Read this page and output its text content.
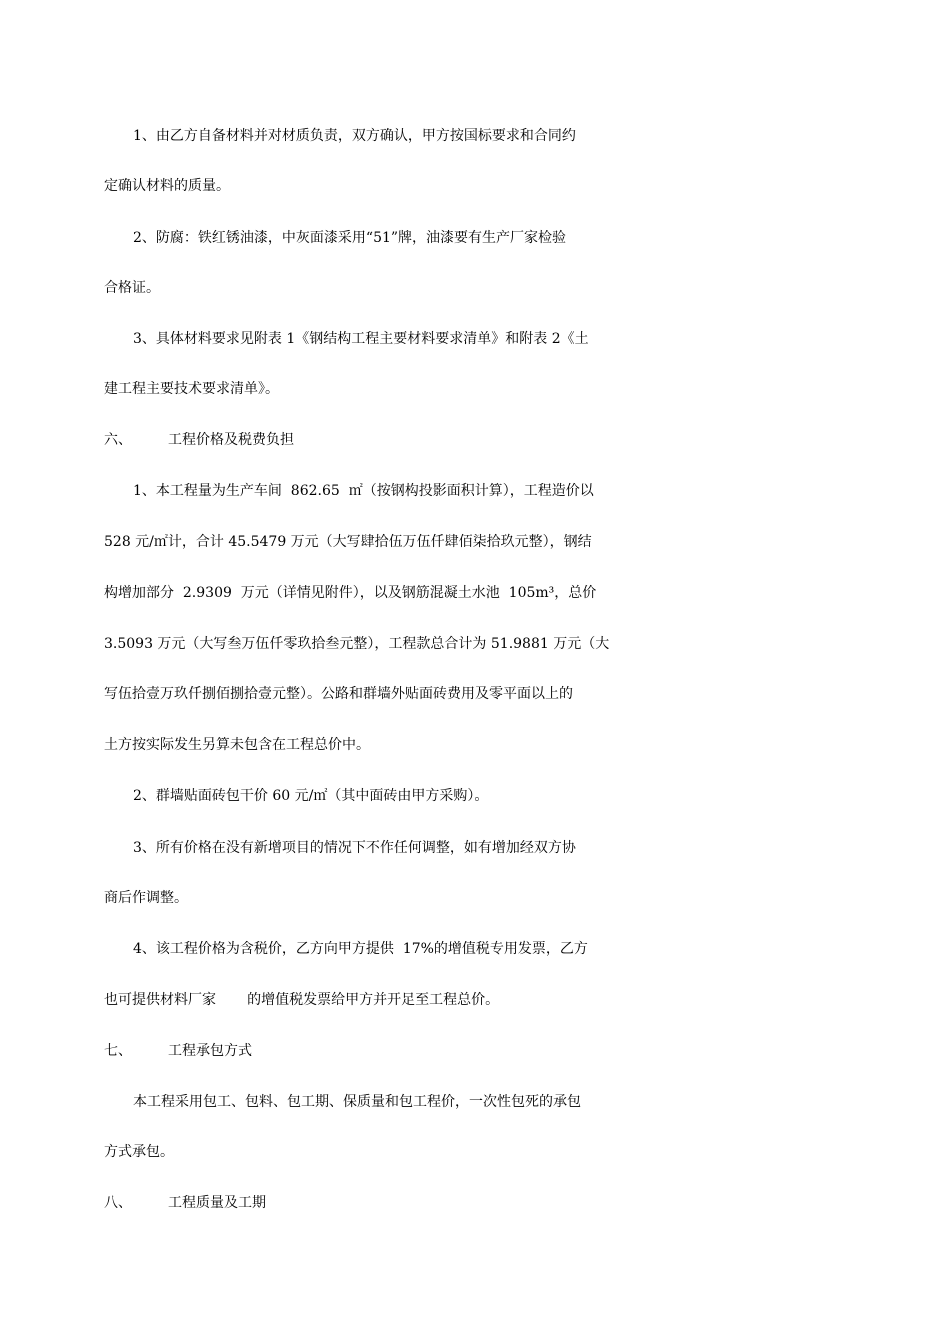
1、由乙方自备材料并对材质负责，双方确认，甲方按国标要求和合同约
定确认材料的质量。
2、防腐：铁红锈油漆，中灰面漆采用“51”牌，油漆要有生产厂家检验
合格证。
3、具体材料要求见附表 1《钢结构工程主要材料要求清单》和附表 2《土
建工程主要技术要求清单》。
六、	工程价格及税费负担
1、本工程量为生产车间  862.65  ㎡（按钢构投影面积计算），工程造价以
528 元/㎡计，合计 45.5479 万元（大写肆拾伍万伍仟肆佰柒拾玖元整），钢结
构增加部分  2.9309  万元（详情见附件），以及钢筋混凝土水池  105m³，总价
3.5093 万元（大写叁万伍仟零玖拾叁元整），工程款总合计为 51.9881 万元（大
写伍拾壹万玖仟捌佰捌拾壹元整）。公路和群墙外贴面砖费用及零平面以上的
土方按实际发生另算未包含在工程总价中。
2、群墙贴面砖包干价 60 元/㎡（其中面砖由甲方采购）。
3、所有价格在没有新增项目的情况下不作任何调整，如有增加经双方协
商后作调整。
4、该工程价格为含税价，乙方向甲方提供  17%的增值税专用发票，乙方
也可提供材料厂家       的增值税发票给甲方并开足至工程总价。
七、	工程承包方式
本工程采用包工、包料、包工期、保质量和包工程价，一次性包死的承包
方式承包。
八、	工程质量及工期
